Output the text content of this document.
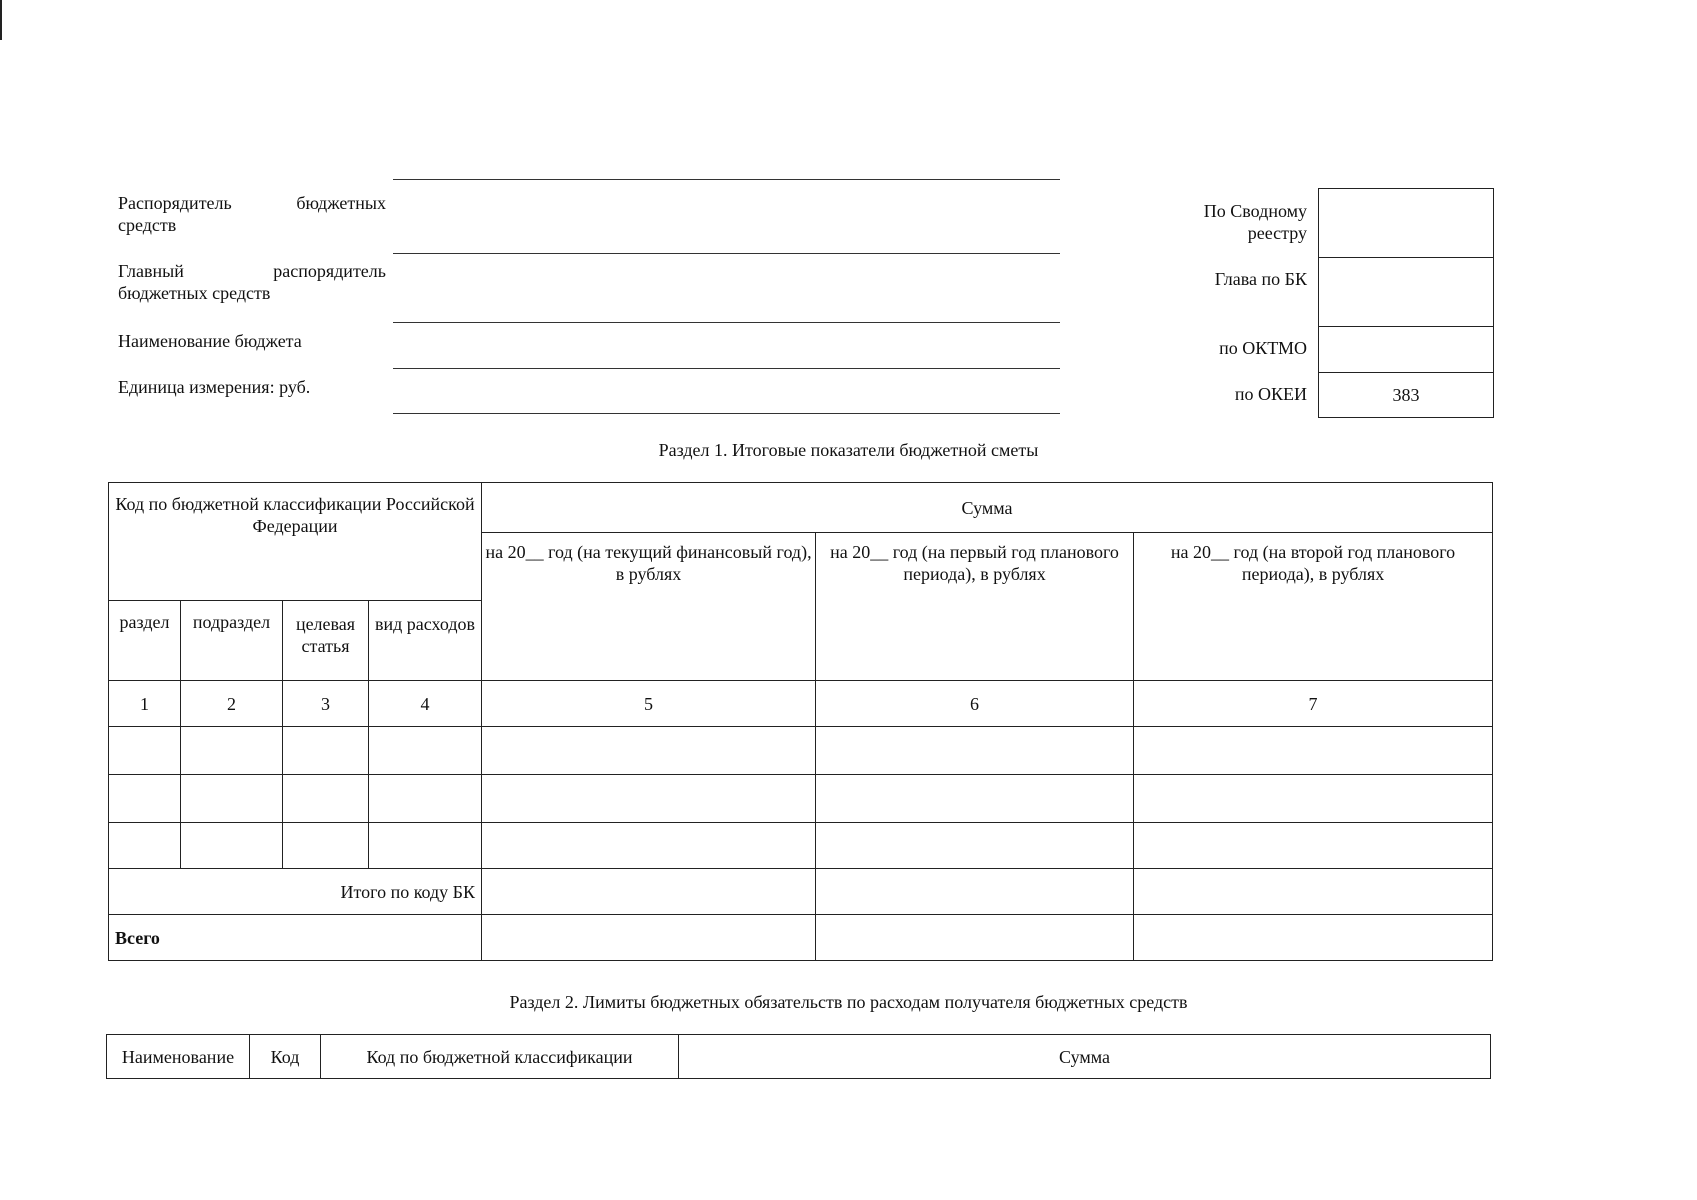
Распорядитель бюджетных средств
Главный распорядитель бюджетных средств
Наименование бюджета
Единица измерения: руб.
По Сводному реестру
Глава по БК
по ОКТМО
по ОКЕИ	383
Раздел 1. Итоговые показатели бюджетной сметы
Код по бюджетной классификации Российской Федерации				Сумма		
				на 20__ год (на текущий финансовый год), в рублях	на 20__ год (на первый год планового периода), в рублях	на 20__ год (на второй год планового периода), в рублях
раздел	подраздел	целевая статья	вид расходов			
1	2	3	4	5	6	7

Итого по коду БК						
Всего						
Раздел 2. Лимиты бюджетных обязательств по расходам получателя бюджетных средств
Наименование	Код	Код по бюджетной классификации	Сумма
